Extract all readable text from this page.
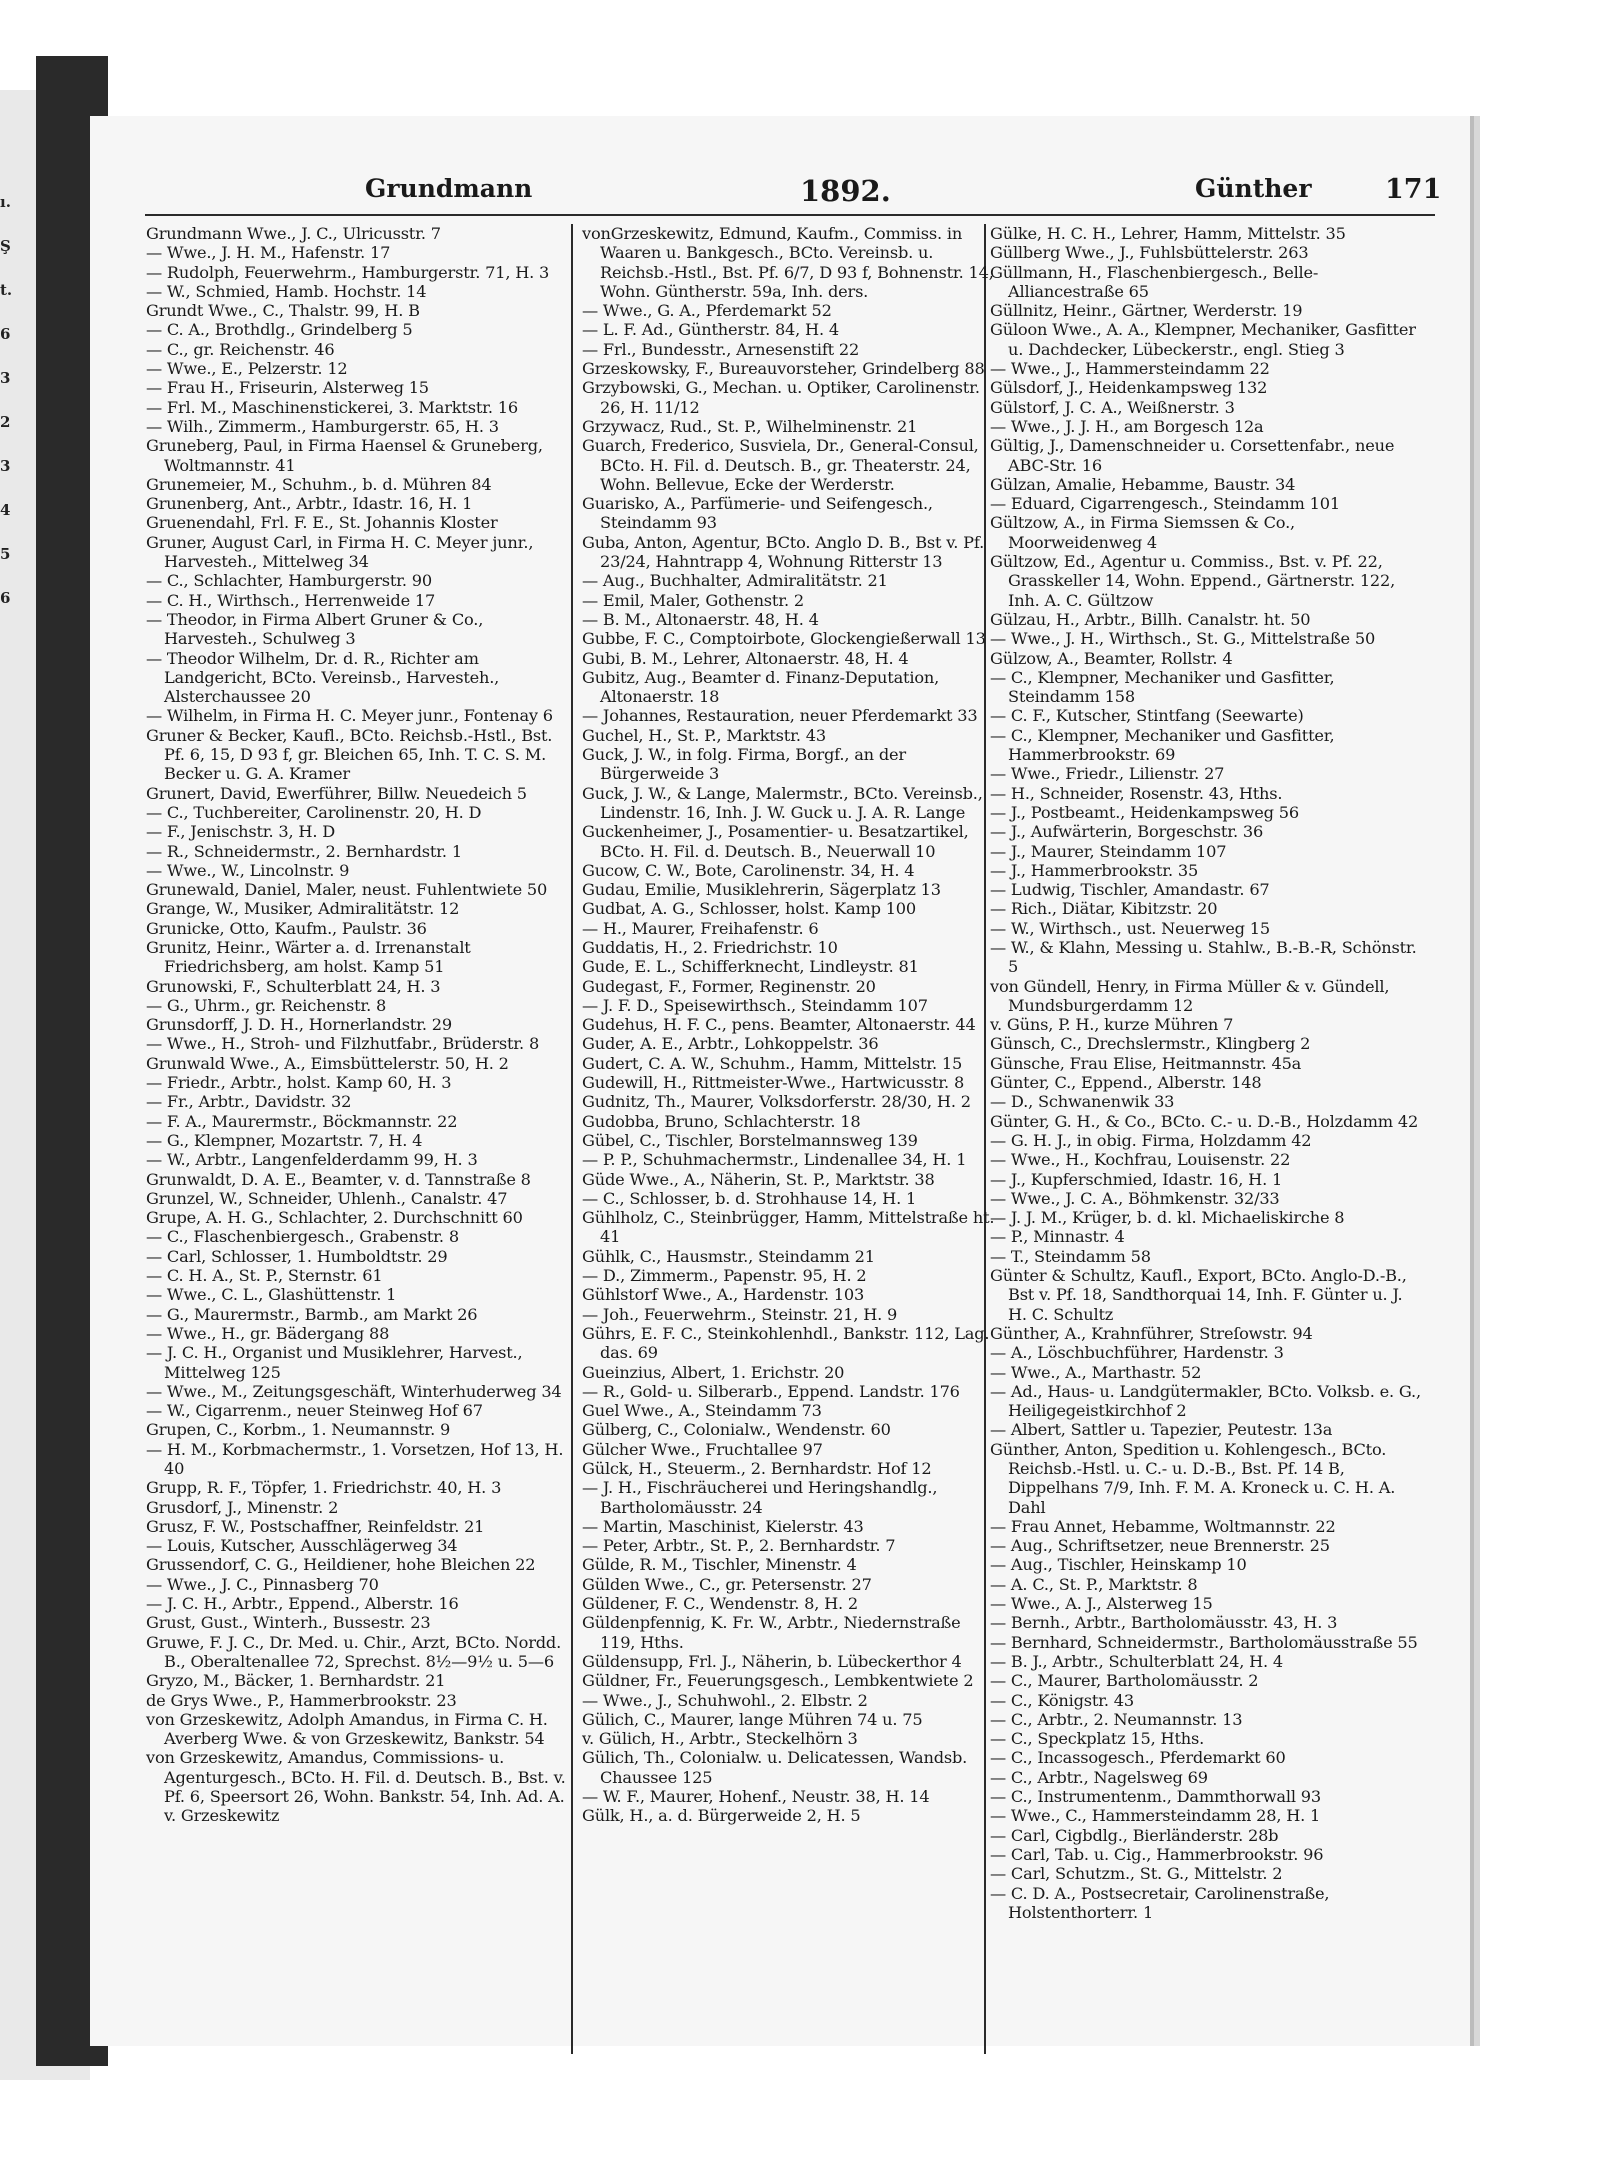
ı.
Ş
t.
6
3
2
3
4
5
6
Grundmann	1892.	Günther	171

Grundmann Wwe., J. C., Ulricusstr. 7

— Wwe., J. H. M., Hafenstr. 17

— Rudolph, Feuerwehrm., Hamburgerstr. 71, H. 3

— W., Schmied, Hamb. Hochstr. 14

Grundt Wwe., C., Thalstr. 99, H. B

— C. A., Brothdlg., Grindelberg 5

— C., gr. Reichenstr. 46

— Wwe., E., Pelzerstr. 12

— Frau H., Friseurin, Alsterweg 15

— Frl. M., Maschinenstickerei, 3. Marktstr. 16

— Wilh., Zimmerm., Hamburgerstr. 65, H. 3

Gruneberg, Paul, in Firma Haensel & Gruneberg, Woltmannstr. 41

Grunemeier, M., Schuhm., b. d. Mühren 84

Grunenberg, Ant., Arbtr., Idastr. 16, H. 1

Gruenendahl, Frl. F. E., St. Johannis Kloster

Gruner, August Carl, in Firma H. C. Meyer junr., Harvesteh., Mittelweg 34

— C., Schlachter, Hamburgerstr. 90

— C. H., Wirthsch., Herrenweide 17

— Theodor, in Firma Albert Gruner & Co., Harvesteh., Schulweg 3

— Theodor Wilhelm, Dr. d. R., Richter am Landgericht, BCto. Vereinsb., Harvesteh., Alsterchaussee 20

— Wilhelm, in Firma H. C. Meyer junr., Fontenay 6

Gruner & Becker, Kaufl., BCto. Reichsb.-Hstl., Bst. Pf. 6, 15, D 93 f, gr. Bleichen 65, Inh. T. C. S. M. Becker u. G. A. Kramer

Grunert, David, Ewerführer, Billw. Neuedeich 5

— C., Tuchbereiter, Carolinenstr. 20, H. D

— F., Jenischstr. 3, H. D

— R., Schneidermstr., 2. Bernhardstr. 1

— Wwe., W., Lincolnstr. 9

Grunewald, Daniel, Maler, neust. Fuhlentwiete 50

Grange, W., Musiker, Admiralitätstr. 12

Grunicke, Otto, Kaufm., Paulstr. 36

Grunitz, Heinr., Wärter a. d. Irrenanstalt Friedrichsberg, am holst. Kamp 51

Grunowski, F., Schulterblatt 24, H. 3

— G., Uhrm., gr. Reichenstr. 8

Grunsdorff, J. D. H., Hornerlandstr. 29

— Wwe., H., Stroh- und Filzhutfabr., Brüderstr. 8

Grunwald Wwe., A., Eimsbüttelerstr. 50, H. 2

— Friedr., Arbtr., holst. Kamp 60, H. 3

— Fr., Arbtr., Davidstr. 32

— F. A., Maurermstr., Böckmannstr. 22

— G., Klempner, Mozartstr. 7, H. 4

— W., Arbtr., Langenfelderdamm 99, H. 3

Grunwaldt, D. A. E., Beamter, v. d. Tannstraße 8

Grunzel, W., Schneider, Uhlenh., Canalstr. 47

Grupe, A. H. G., Schlachter, 2. Durchschnitt 60

— C., Flaschenbiergesch., Grabenstr. 8

— Carl, Schlosser, 1. Humboldtstr. 29

— C. H. A., St. P., Sternstr. 61

— Wwe., C. L., Glashüttenstr. 1

— G., Maurermstr., Barmb., am Markt 26

— Wwe., H., gr. Bädergang 88

— J. C. H., Organist und Musiklehrer, Harvest., Mittelweg 125

— Wwe., M., Zeitungsgeschäft, Winterhuderweg 34

— W., Cigarrenm., neuer Steinweg Hof 67

Grupen, C., Korbm., 1. Neumannstr. 9

— H. M., Korbmachermstr., 1. Vorsetzen, Hof 13, H. 40

Grupp, R. F., Töpfer, 1. Friedrichstr. 40, H. 3

Grusdorf, J., Minenstr. 2

Grusz, F. W., Postschaffner, Reinfeldstr. 21

— Louis, Kutscher, Ausschlägerweg 34

Grussendorf, C. G., Heildiener, hohe Bleichen 22

— Wwe., J. C., Pinnasberg 70

— J. C. H., Arbtr., Eppend., Alberstr. 16

Grust, Gust., Winterh., Bussestr. 23

Gruwe, F. J. C., Dr. Med. u. Chir., Arzt, BCto. Nordd. B., Oberaltenallee 72, Sprechst. 8½—9½ u. 5—6

Gryzo, M., Bäcker, 1. Bernhardstr. 21

de Grys Wwe., P., Hammerbrookstr. 23

von Grzeskewitz, Adolph Amandus, in Firma C. H. Averberg Wwe. & von Grzeskewitz, Bankstr. 54

von Grzeskewitz, Amandus, Commissions- u. Agenturgesch., BCto. H. Fil. d. Deutsch. B., Bst. v. Pf. 6, Speersort 26, Wohn. Bankstr. 54, Inh. Ad. A. v. Grzeskewitz

vonGrzeskewitz, Edmund, Kaufm., Commiss. in Waaren u. Bankgesch., BCto. Vereinsb. u. Reichsb.-Hstl., Bst. Pf. 6/7, D 93 f, Bohnenstr. 14, Wohn. Güntherstr. 59a, Inh. ders.

— Wwe., G. A., Pferdemarkt 52

— L. F. Ad., Güntherstr. 84, H. 4

— Frl., Bundesstr., Arnesenstift 22

Grzeskowsky, F., Bureauvorsteher, Grindelberg 88

Grzybowski, G., Mechan. u. Optiker, Carolinenstr. 26, H. 11/12

Grzywacz, Rud., St. P., Wilhelminenstr. 21

Guarch, Frederico, Susviela, Dr., General-Consul, BCto. H. Fil. d. Deutsch. B., gr. Theaterstr. 24, Wohn. Bellevue, Ecke der Werderstr.

Guarisko, A., Parfümerie- und Seifengesch., Steindamm 93

Guba, Anton, Agentur, BCto. Anglo D. B., Bst v. Pf. 23/24, Hahntrapp 4, Wohnung Ritterstr 13

— Aug., Buchhalter, Admiralitätstr. 21

— Emil, Maler, Gothenstr. 2

— B. M., Altonaerstr. 48, H. 4

Gubbe, F. C., Comptoirbote, Glockengießerwall 13

Gubi, B. M., Lehrer, Altonaerstr. 48, H. 4

Gubitz, Aug., Beamter d. Finanz-Deputation, Altonaerstr. 18

— Johannes, Restauration, neuer Pferdemarkt 33

Guchel, H., St. P., Marktstr. 43

Guck, J. W., in folg. Firma, Borgf., an der Bürgerweide 3

Guck, J. W., & Lange, Malermstr., BCto. Vereinsb., Lindenstr. 16, Inh. J. W. Guck u. J. A. R. Lange

Guckenheimer, J., Posamentier- u. Besatzartikel, BCto. H. Fil. d. Deutsch. B., Neuerwall 10

Gucow, C. W., Bote, Carolinenstr. 34, H. 4

Gudau, Emilie, Musiklehrerin, Sägerplatz 13

Gudbat, A. G., Schlosser, holst. Kamp 100

— H., Maurer, Freihafenstr. 6

Guddatis, H., 2. Friedrichstr. 10

Gude, E. L., Schifferknecht, Lindleystr. 81

Gudegast, F., Former, Reginenstr. 20

— J. F. D., Speisewirthsch., Steindamm 107

Gudehus, H. F. C., pens. Beamter, Altonaerstr. 44

Guder, A. E., Arbtr., Lohkoppelstr. 36

Gudert, C. A. W., Schuhm., Hamm, Mittelstr. 15

Gudewill, H., Rittmeister-Wwe., Hartwicusstr. 8

Gudnitz, Th., Maurer, Volksdorferstr. 28/30, H. 2

Gudobba, Bruno, Schlachterstr. 18

Gübel, C., Tischler, Borstelmannsweg 139

— P. P., Schuhmachermstr., Lindenallee 34, H. 1

Güde Wwe., A., Näherin, St. P., Marktstr. 38

— C., Schlosser, b. d. Strohhause 14, H. 1

Gühlholz, C., Steinbrügger, Hamm, Mittelstraße ht. 41

Gühlk, C., Hausmstr., Steindamm 21

— D., Zimmerm., Papenstr. 95, H. 2

Gühlstorf Wwe., A., Hardenstr. 103

— Joh., Feuerwehrm., Steinstr. 21, H. 9

Gührs, E. F. C., Steinkohlenhdl., Bankstr. 112, Lag. das. 69

Gueinzius, Albert, 1. Erichstr. 20

— R., Gold- u. Silberarb., Eppend. Landstr. 176

Guel Wwe., A., Steindamm 73

Gülberg, C., Colonialw., Wendenstr. 60

Gülcher Wwe., Fruchtallee 97

Gülck, H., Steuerm., 2. Bernhardstr. Hof 12

— J. H., Fischräucherei und Heringshandlg., Bartholomäusstr. 24

— Martin, Maschinist, Kielerstr. 43

— Peter, Arbtr., St. P., 2. Bernhardstr. 7

Gülde, R. M., Tischler, Minenstr. 4

Gülden Wwe., C., gr. Petersenstr. 27

Güldener, F. C., Wendenstr. 8, H. 2

Güldenpfennig, K. Fr. W., Arbtr., Niedernstraße 119, Hths.

Güldensupp, Frl. J., Näherin, b. Lübeckerthor 4

Güldner, Fr., Feuerungsgesch., Lembkentwiete 2

— Wwe., J., Schuhwohl., 2. Elbstr. 2

Gülich, C., Maurer, lange Mühren 74 u. 75

v. Gülich, H., Arbtr., Steckelhörn 3

Gülich, Th., Colonialw. u. Delicatessen, Wandsb. Chaussee 125

— W. F., Maurer, Hohenf., Neustr. 38, H. 14

Gülk, H., a. d. Bürgerweide 2, H. 5

Gülke, H. C. H., Lehrer, Hamm, Mittelstr. 35

Güllberg Wwe., J., Fuhlsbüttelerstr. 263

Güllmann, H., Flaschenbiergesch., Belle-Alliancestraße 65

Güllnitz, Heinr., Gärtner, Werderstr. 19

Güloon Wwe., A. A., Klempner, Mechaniker, Gasfitter u. Dachdecker, Lübeckerstr., engl. Stieg 3

— Wwe., J., Hammersteindamm 22

Gülsdorf, J., Heidenkampsweg 132

Gülstorf, J. C. A., Weißnerstr. 3

— Wwe., J. J. H., am Borgesch 12a

Gültig, J., Damenschneider u. Corsettenfabr., neue ABC-Str. 16

Gülzan, Amalie, Hebamme, Baustr. 34

— Eduard, Cigarrengesch., Steindamm 101

Gültzow, A., in Firma Siemssen & Co., Moorweidenweg 4

Gültzow, Ed., Agentur u. Commiss., Bst. v. Pf. 22, Grasskeller 14, Wohn. Eppend., Gärtnerstr. 122, Inh. A. C. Gültzow

Gülzau, H., Arbtr., Billh. Canalstr. ht. 50

— Wwe., J. H., Wirthsch., St. G., Mittelstraße 50

Gülzow, A., Beamter, Rollstr. 4

— C., Klempner, Mechaniker und Gasfitter, Steindamm 158

— C. F., Kutscher, Stintfang (Seewarte)

— C., Klempner, Mechaniker und Gasfitter, Hammerbrookstr. 69

— Wwe., Friedr., Lilienstr. 27

— H., Schneider, Rosenstr. 43, Hths.

— J., Postbeamt., Heidenkampsweg 56

— J., Aufwärterin, Borgeschstr. 36

— J., Maurer, Steindamm 107

— J., Hammerbrookstr. 35

— Ludwig, Tischler, Amandastr. 67

— Rich., Diätar, Kibitzstr. 20

— W., Wirthsch., ust. Neuerweg 15

— W., & Klahn, Messing u. Stahlw., B.-B.-R, Schönstr. 5

von Gündell, Henry, in Firma Müller & v. Gündell, Mundsburgerdamm 12

v. Güns, P. H., kurze Mühren 7

Günsch, C., Drechslermstr., Klingberg 2

Günsche, Frau Elise, Heitmannstr. 45a

Günter, C., Eppend., Alberstr. 148

— D., Schwanenwik 33

Günter, G. H., & Co., BCto. C.- u. D.-B., Holzdamm 42

— G. H. J., in obig. Firma, Holzdamm 42

— Wwe., H., Kochfrau, Louisenstr. 22

— J., Kupferschmied, Idastr. 16, H. 1

— Wwe., J. C. A., Böhmkenstr. 32/33

— J. J. M., Krüger, b. d. kl. Michaeliskirche 8

— P., Minnastr. 4

— T., Steindamm 58

Günter & Schultz, Kaufl., Export, BCto. Anglo-D.-B., Bst v. Pf. 18, Sandthorquai 14, Inh. F. Günter u. J. H. C. Schultz

Günther, A., Krahnführer, Streſowstr. 94

— A., Löschbuchführer, Hardenstr. 3

— Wwe., A., Marthastr. 52

— Ad., Haus- u. Landgütermakler, BCto. Volksb. e. G., Heiligegeistkirchhof 2

— Albert, Sattler u. Tapezier, Peutestr. 13a

Günther, Anton, Spedition u. Kohlengesch., BCto. Reichsb.-Hstl. u. C.- u. D.-B., Bst. Pf. 14 B, Dippelhans 7/9, Inh. F. M. A. Kroneck u. C. H. A. Dahl

— Frau Annet, Hebamme, Woltmannstr. 22

— Aug., Schriftsetzer, neue Brennerstr. 25

— Aug., Tischler, Heinskamp 10

— A. C., St. P., Marktstr. 8

— Wwe., A. J., Alsterweg 15

— Bernh., Arbtr., Bartholomäusstr. 43, H. 3

— Bernhard, Schneidermstr., Bartholomäusstraße 55

— B. J., Arbtr., Schulterblatt 24, H. 4

— C., Maurer, Bartholomäusstr. 2

— C., Königstr. 43

— C., Arbtr., 2. Neumannstr. 13

— C., Speckplatz 15, Hths.

— C., Incassogesch., Pferdemarkt 60

— C., Arbtr., Nagelsweg 69

— C., Instrumentenm., Dammthorwall 93

— Wwe., C., Hammersteindamm 28, H. 1

— Carl, Cigbdlg., Bierländerstr. 28b

— Carl, Tab. u. Cig., Hammerbrookstr. 96

— Carl, Schutzm., St. G., Mittelstr. 2

— C. D. A., Postsecretair, Carolinenstraße, Holstenthorterr. 1
